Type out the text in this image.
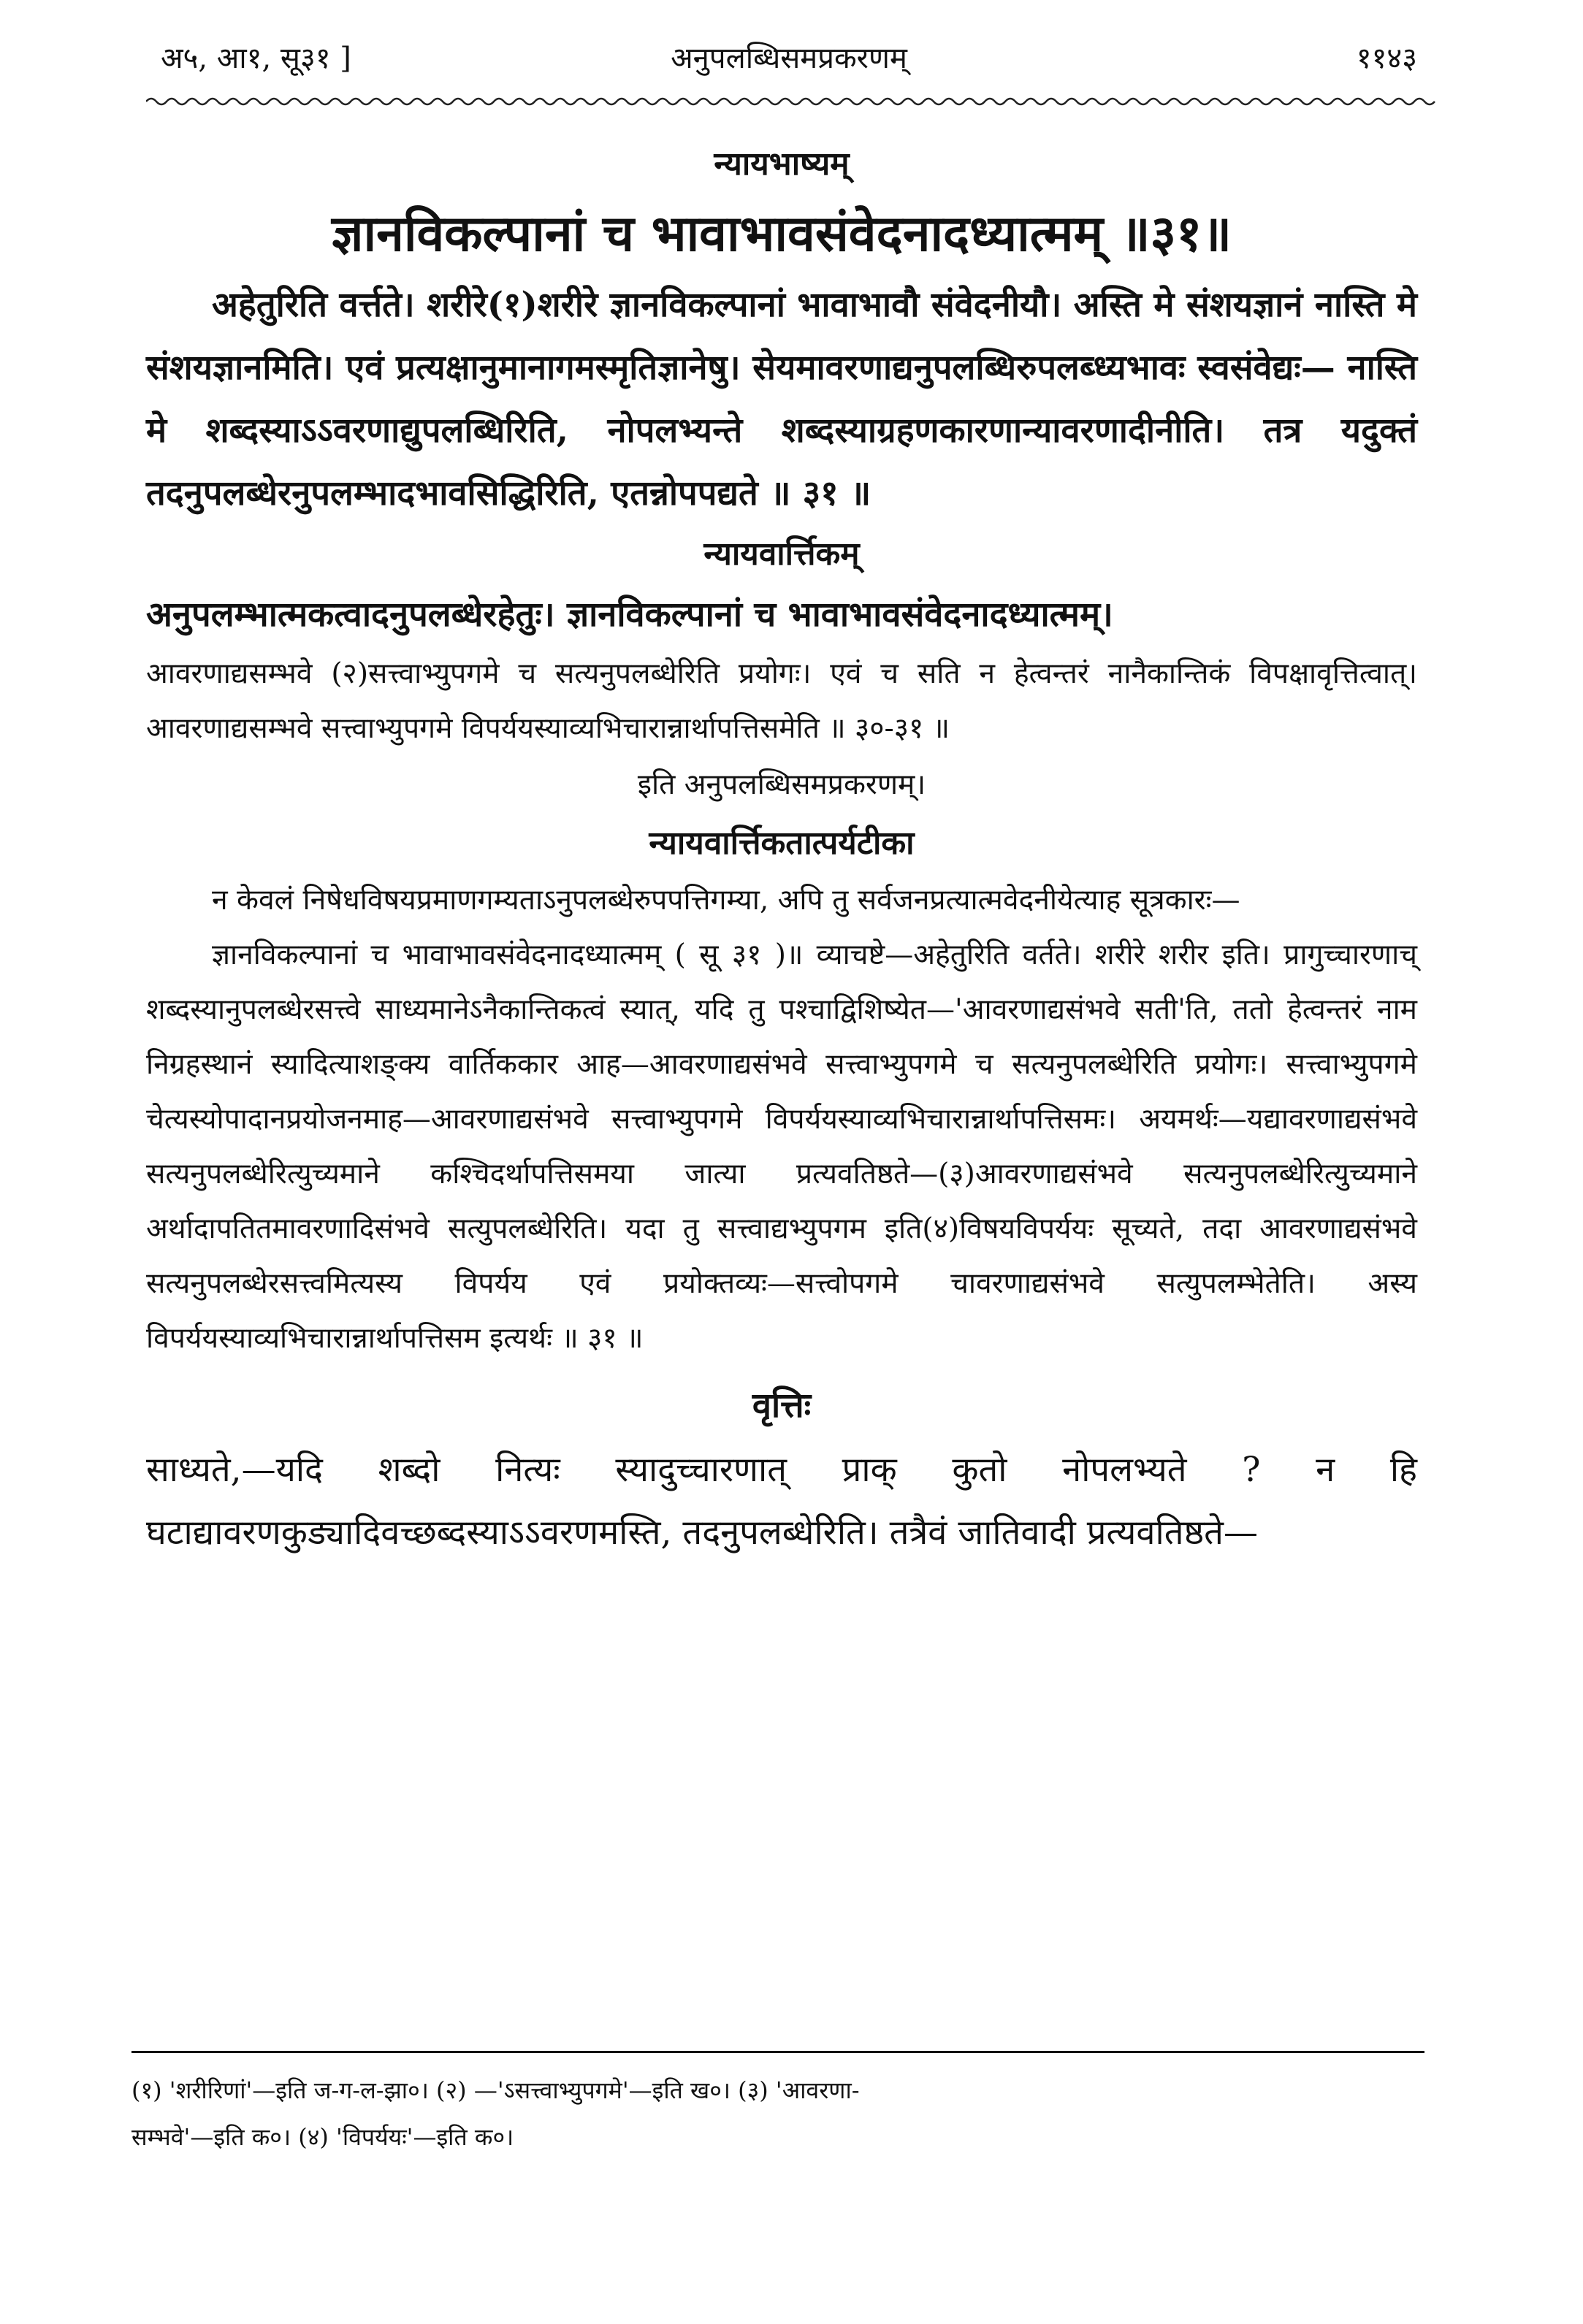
अ५, आ१, सू३१ ]	अनुपलब्धिसमप्रकरणम्	११४३
न्यायभाष्यम्
ज्ञानविकल्पानां च भावाभावसंवेदनादध्यात्मम् ॥३१॥
अहेतुरिति वर्त्तते। शरीरे(१)शरीरे ज्ञानविकल्पानां भावाभावौ संवेदनीयौ। अस्ति मे संशयज्ञानं नास्ति मे संशयज्ञानमिति। एवं प्रत्यक्षानुमानागमस्मृतिज्ञानेषु। सेयमावरणाद्यनुपलब्धिरुपलब्ध्यभावः स्वसंवेद्यः— नास्ति मे शब्दस्याऽऽवरणाद्युपलब्धिरिति, नोपलभ्यन्ते शब्दस्याग्रहणकारणान्यावरणादीनीति। तत्र यदुक्तं तदनुपलब्धेरनुपलम्भादभावसिद्धिरिति, एतन्नोपपद्यते ॥ ३१ ॥
न्यायवार्त्तिकम्
अनुपलम्भात्मकत्वादनुपलब्धेरहेतुः। ज्ञानविकल्पानां च भावाभावसंवेदनादध्यात्मम्।
आवरणाद्यसम्भवे (२)सत्त्वाभ्युपगमे च सत्यनुपलब्धेरिति प्रयोगः। एवं च सति न हेत्वन्तरं नानैकान्तिकं विपक्षावृत्तित्वात्। आवरणाद्यसम्भवे सत्त्वाभ्युपगमे विपर्ययस्याव्यभिचारान्नार्थापत्तिसमेति ॥ ३०-३१ ॥
इति अनुपलब्धिसमप्रकरणम्।
न्यायवार्त्तिकतात्पर्यटीका
न केवलं निषेधविषयप्रमाणगम्यताऽनुपलब्धेरुपपत्तिगम्या, अपि तु सर्वजनप्रत्यात्मवेदनीयेत्याह सूत्रकारः—
ज्ञानविकल्पानां च भावाभावसंवेदनादध्यात्मम् ( सू ३१ )॥ व्याचष्टे—अहेतुरिति वर्तते। शरीरे शरीर इति। प्रागुच्चारणाच् शब्दस्यानुपलब्धेरसत्त्वे साध्यमानेऽनैकान्तिकत्वं स्यात्, यदि तु पश्चाद्विशिष्येत—'आवरणाद्यसंभवे सती'ति, ततो हेत्वन्तरं नाम निग्रहस्थानं स्यादित्याशङ्क्य वार्तिककार आह—आवरणाद्यसंभवे सत्त्वाभ्युपगमे च सत्यनुपलब्धेरिति प्रयोगः। सत्त्वाभ्युपगमे चेत्यस्योपादानप्रयोजनमाह—आवरणाद्यसंभवे सत्त्वाभ्युपगमे विपर्ययस्याव्यभिचारान्नार्थापत्तिसमः। अयमर्थः—यद्यावरणाद्यसंभवे सत्यनुपलब्धेरित्युच्यमाने कश्चिदर्थापत्तिसमया जात्या प्रत्यवतिष्ठते—(३)आवरणाद्यसंभवे सत्यनुपलब्धेरित्युच्यमाने अर्थादापतितमावरणादिसंभवे सत्युपलब्धेरिति। यदा तु सत्त्वाद्यभ्युपगम इति(४)विषयविपर्ययः सूच्यते, तदा आवरणाद्यसंभवे सत्यनुपलब्धेरसत्त्वमित्यस्य विपर्यय एवं प्रयोक्तव्यः—सत्त्वोपगमे चावरणाद्यसंभवे सत्युपलम्भेतेति। अस्य विपर्ययस्याव्यभिचारान्नार्थापत्तिसम इत्यर्थः ॥ ३१ ॥
वृत्तिः
साध्यते,—यदि शब्दो नित्यः स्यादुच्चारणात् प्राक् कुतो नोपलभ्यते ? न हि घटाद्यावरणकुड्यादिवच्छब्दस्याऽऽवरणमस्ति, तदनुपलब्धेरिति। तत्रैवं जातिवादी प्रत्यवतिष्ठते—
(१) 'शरीरिणां'—इति ज-ग-ल-झा०। (२) —'ऽसत्त्वाभ्युपगमे'—इति ख०। (३) 'आवरणा-
सम्भवे'—इति क०। (४) 'विपर्ययः'—इति क०।
